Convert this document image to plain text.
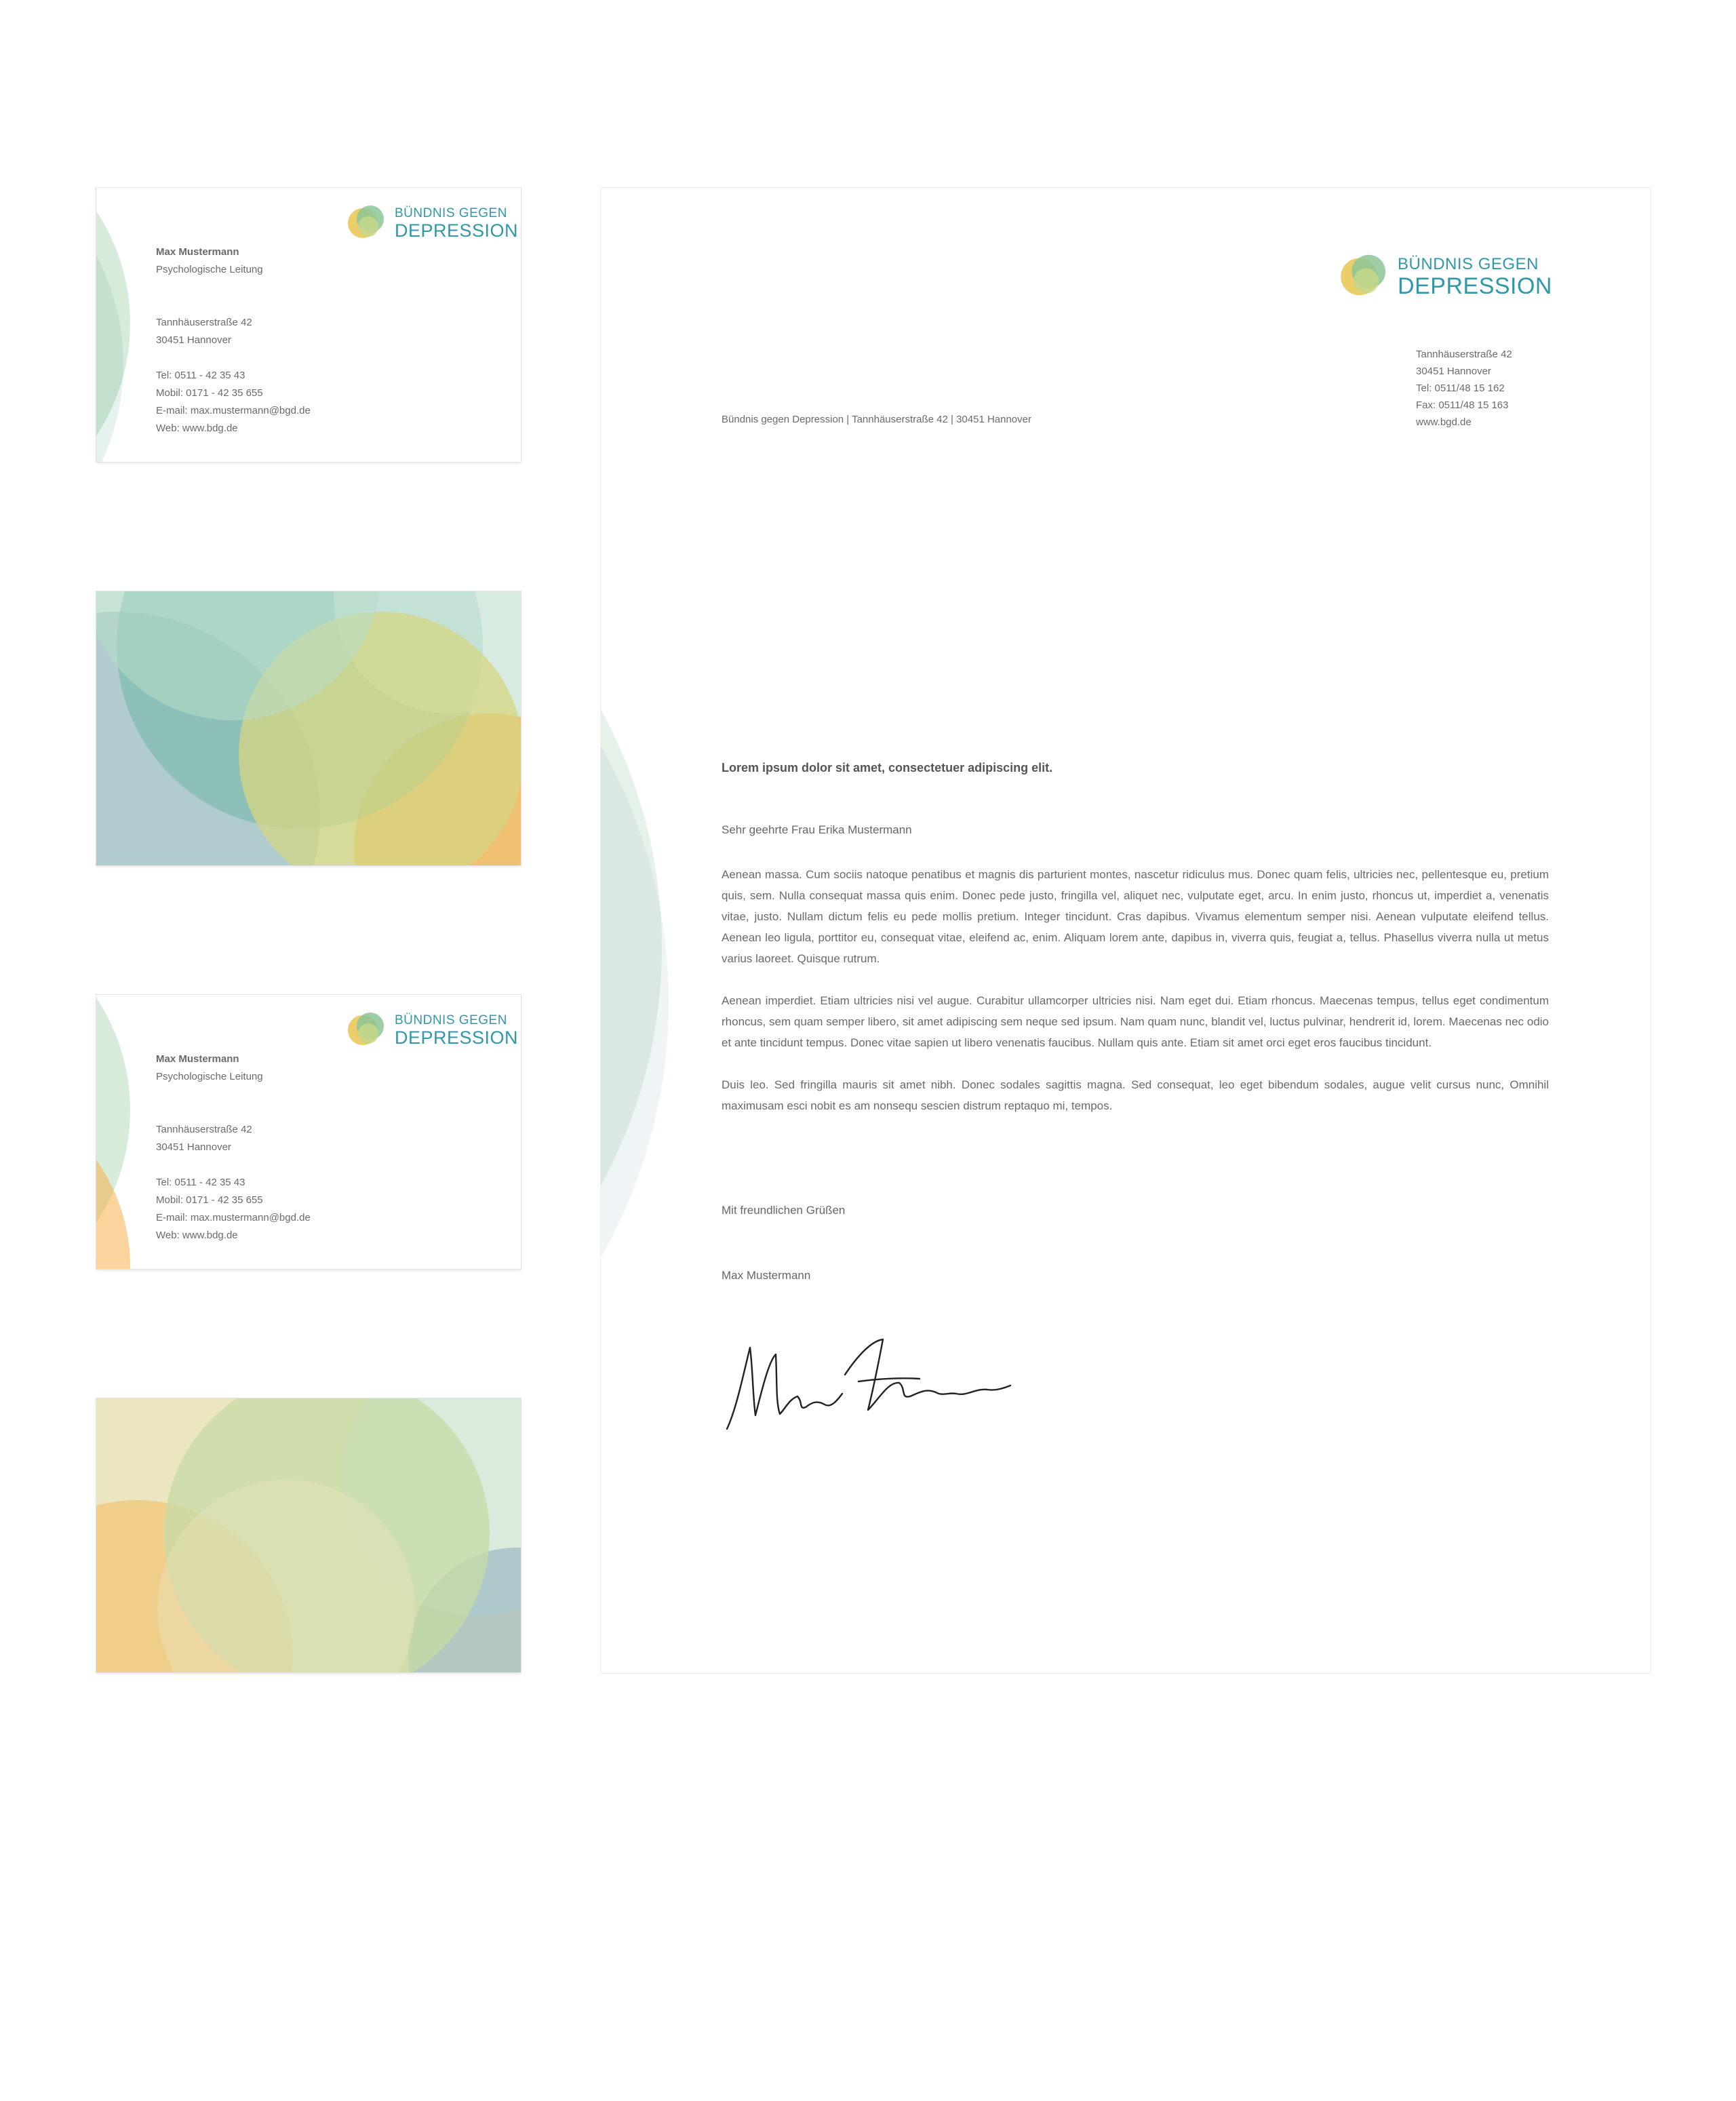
BÜNDNIS GEGEN
DEPRESSION
Max Mustermann
Psychologische Leitung
Tannhäuserstraße 42
30451 Hannover
Tel: 0511 - 42 35 43
Mobil: 0171 - 42 35 655
E-mail: max.mustermann@bgd.de
Web: www.bdg.de
BÜNDNIS GEGEN
DEPRESSION
Max Mustermann
Psychologische Leitung
Tannhäuserstraße 42
30451 Hannover
Tel: 0511 - 42 35 43
Mobil: 0171 - 42 35 655
E-mail: max.mustermann@bgd.de
Web: www.bdg.de
BÜNDNIS GEGEN
DEPRESSION
Tannhäuserstraße 42
30451 Hannover
Tel: 0511/48 15 162
Fax: 0511/48 15 163
www.bgd.de
Bündnis gegen Depression | Tannhäuserstraße 42 | 30451 Hannover
Lorem ipsum dolor sit amet, consectetuer adipiscing elit.
Sehr geehrte Frau Erika Mustermann

Aenean massa. Cum sociis natoque penatibus et magnis dis parturient montes, nascetur ridiculus mus. Donec quam felis, ultricies nec, pellentesque eu, pretium quis, sem. Nulla consequat massa quis enim. Donec pede justo, fringilla vel, aliquet nec, vulputate eget, arcu. In enim justo, rhoncus ut, imperdiet a, venenatis vitae, justo. Nullam dictum felis eu pede mollis pretium. Integer tincidunt. Cras dapibus. Vivamus elementum semper nisi. Aenean vulputate eleifend tellus. Aenean leo ligula, porttitor eu, consequat vitae, eleifend ac, enim. Aliquam lorem ante, dapibus in, viverra quis, feugiat a, tellus. Phasellus viverra nulla ut metus varius laoreet. Quisque rutrum.

Aenean imperdiet. Etiam ultricies nisi vel augue. Curabitur ullamcorper ultricies nisi. Nam eget dui. Etiam rhoncus. Maecenas tempus, tellus eget condimentum rhoncus, sem quam semper libero, sit amet adipiscing sem neque sed ipsum. Nam quam nunc, blandit vel, luctus pulvinar, hendrerit id, lorem. Maecenas nec odio et ante tincidunt tempus. Donec vitae sapien ut libero venenatis faucibus. Nullam quis ante. Etiam sit amet orci eget eros faucibus tincidunt.

Duis leo. Sed fringilla mauris sit amet nibh. Donec sodales sagittis magna. Sed consequat, leo eget bibendum sodales, augue velit cursus nunc, Omnihil maximusam esci nobit es am nonsequ sescien distrum reptaquo mi, tempos.

Mit freundlichen Grüßen
Max Mustermann
